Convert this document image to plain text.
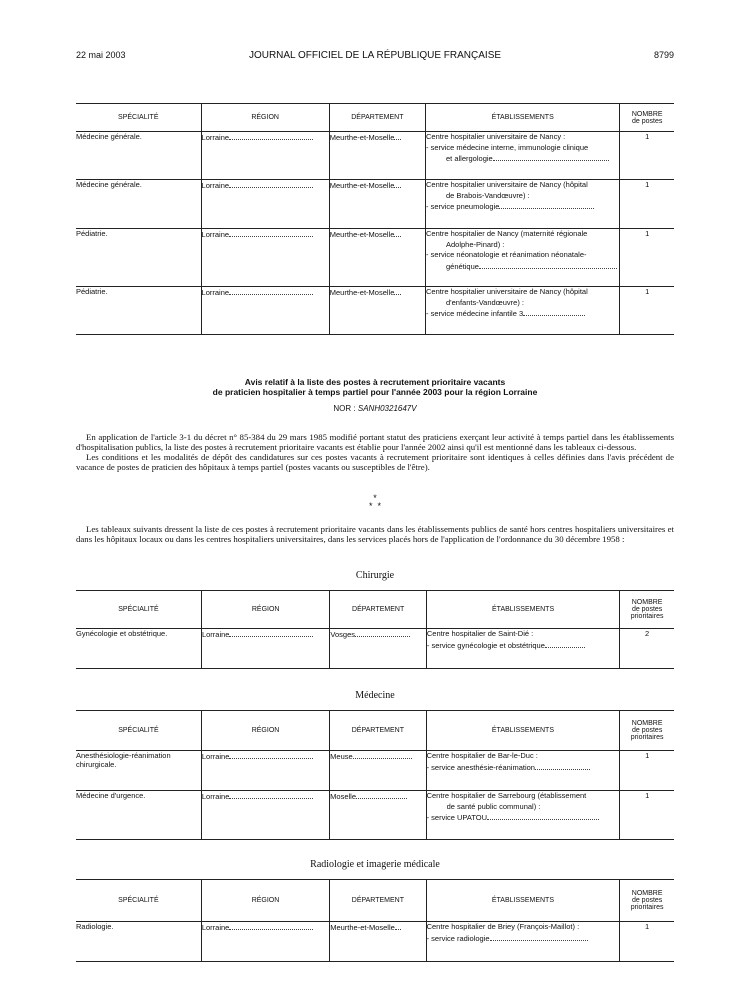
22 mai 2003	JOURNAL OFFICIEL DE LA RÉPUBLIQUE FRANÇAISE	8799
SPÉCIALITÉ	RÉGION	DÉPARTEMENT	ÉTABLISSEMENTS	NOMBRE
de postes
Médecine générale.	Lorraine	Meurthe-et-Moselle	Centre hospitalier universitaire de Nancy :
- service médecine interne, immunologie clinique
et allergologie	1
Médecine générale.	Lorraine	Meurthe-et-Moselle	Centre hospitalier universitaire de Nancy (hôpital
de Brabois-Vandœuvre) :
- service pneumologie	1
Pédiatrie.	Lorraine	Meurthe-et-Moselle	Centre hospitalier de Nancy (maternité régionale
Adolphe-Pinard) :
- service néonatologie et réanimation néonatale-
génétique	1
Pédiatrie.	Lorraine	Meurthe-et-Moselle	Centre hospitalier universitaire de Nancy (hôpital
d'enfants-Vandœuvre) :
- service médecine infantile 3	1
Avis relatif à la liste des postes à recrutement prioritaire vacants
de praticien hospitalier à temps partiel pour l'année 2003 pour la région Lorraine
NOR : SANH0321647V

En application de l'article 3-1 du décret n° 85-384 du 29 mars 1985 modifié portant statut des praticiens exerçant leur activité à temps partiel dans les établissements d'hospitalisation publics, la liste des postes à recrutement prioritaire vacants est établie pour l'année 2002 ainsi qu'il est mentionné dans les tableaux ci-dessous.

Les conditions et les modalités de dépôt des candidatures sur ces postes vacants à recrutement prioritaire sont identiques à celles définies dans l'avis précédent de vacance de postes de praticien des hôpitaux à temps partiel (postes vacants ou susceptibles de l'être).

*
*  *

Les tableaux suivants dressent la liste de ces postes à recrutement prioritaire vacants dans les établissements publics de santé hors centres hospitaliers universitaires et dans les hôpitaux locaux ou dans les centres hospitaliers universitaires, dans les services placés hors de l'application de l'ordonnance du 30 décembre 1958 :

Chirurgie
SPÉCIALITÉ	RÉGION	DÉPARTEMENT	ÉTABLISSEMENTS	NOMBRE
de postes
prioritaires
Gynécologie et obstétrique.	Lorraine	Vosges	Centre hospitalier de Saint-Dié :
- service gynécologie et obstétrique	2
Médecine
SPÉCIALITÉ	RÉGION	DÉPARTEMENT	ÉTABLISSEMENTS	NOMBRE
de postes
prioritaires
Anesthésiologie-réanimation chirurgicale.	Lorraine	Meuse	Centre hospitalier de Bar-le-Duc :
- service anesthésie-réanimation	1
Médecine d'urgence.	Lorraine	Moselle	Centre hospitalier de Sarrebourg (établissement
de santé public communal) :
- service UPATOU	1
Radiologie et imagerie médicale
SPÉCIALITÉ	RÉGION	DÉPARTEMENT	ÉTABLISSEMENTS	NOMBRE
de postes
prioritaires
Radiologie.	Lorraine	Meurthe-et-Moselle	Centre hospitalier de Briey (François-Maillot) :
- service radiologie	1
